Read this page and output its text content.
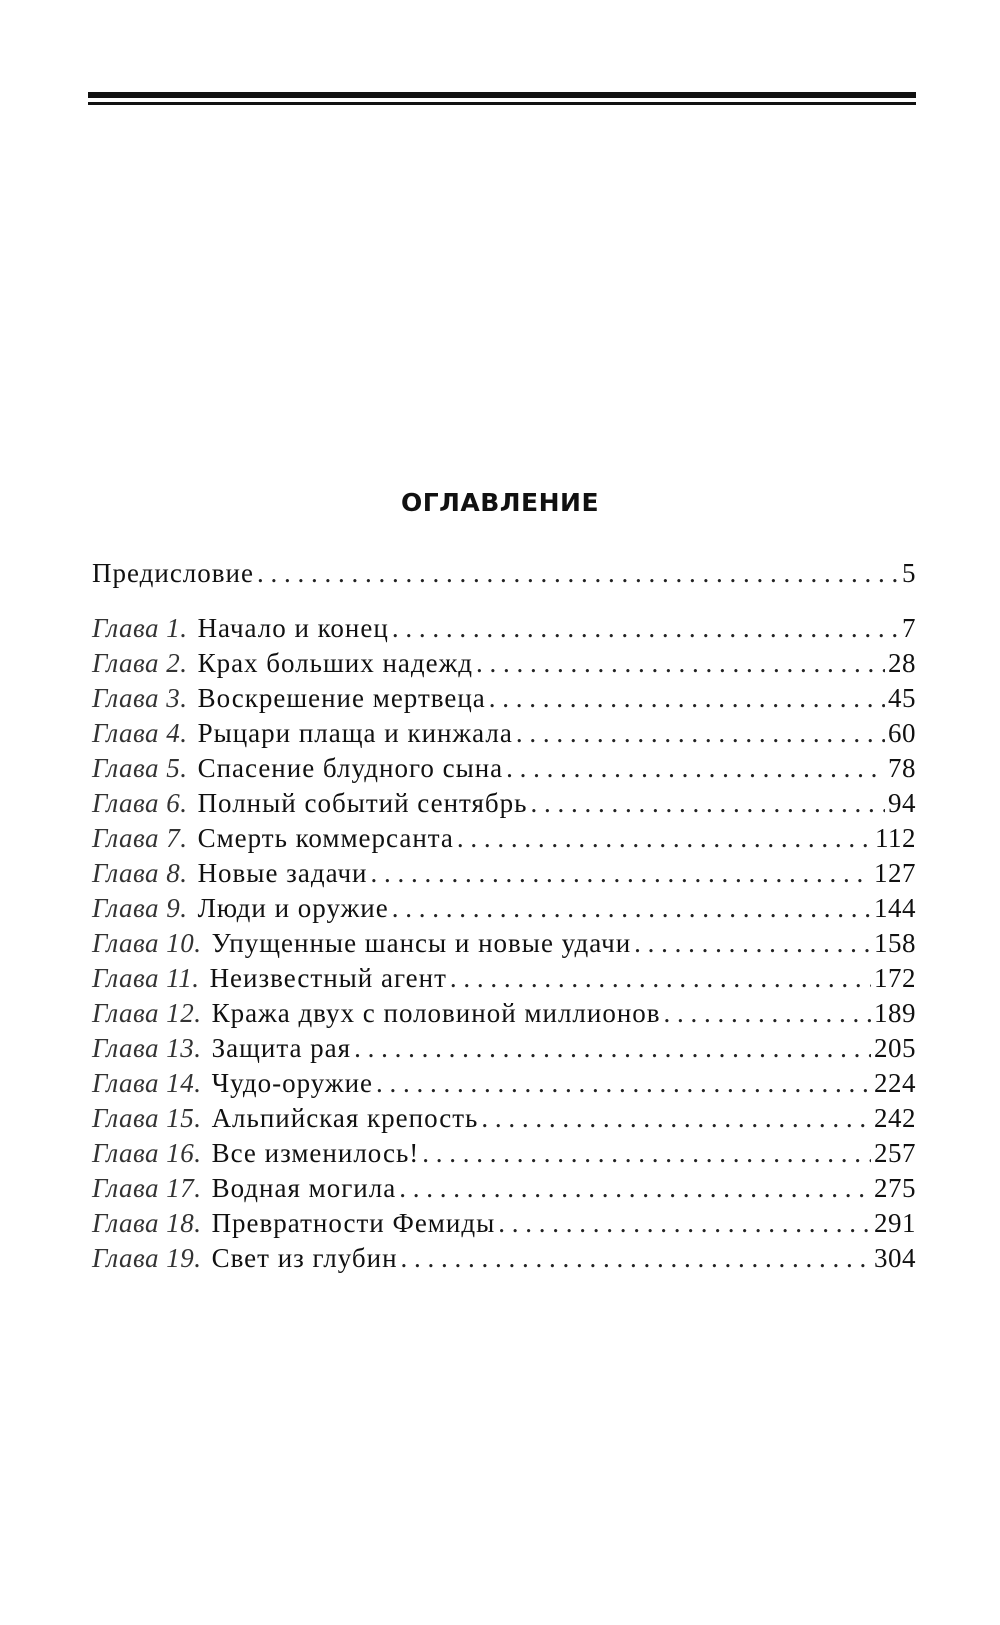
ОГЛАВЛЕНИЕ
Предисловие . . .	5
Глава 1. Начало и конец . . .	7
Глава 2. Крах больших надежд . . .	28
Глава 3. Воскрешение мертвеца . . .	45
Глава 4. Рыцари плаща и кинжала . . .	60
Глава 5. Спасение блудного сына . . .	78
Глава 6. Полный событий сентябрь . . .	94
Глава 7. Смерть коммерсанта . . .	112
Глава 8. Новые задачи . . .	127
Глава 9. Люди и оружие . . .	144
Глава 10. Упущенные шансы и новые удачи . . .	158
Глава 11. Неизвестный агент . . .	172
Глава 12. Кража двух с половиной миллионов . . .	189
Глава 13. Защита рая . . .	205
Глава 14. Чудо-оружие . . .	224
Глава 15. Альпийская крепость . . .	242
Глава 16. Все изменилось! . . .	257
Глава 17. Водная могила . . .	275
Глава 18. Превратности Фемиды . . .	291
Глава 19. Свет из глубин . . .	304
